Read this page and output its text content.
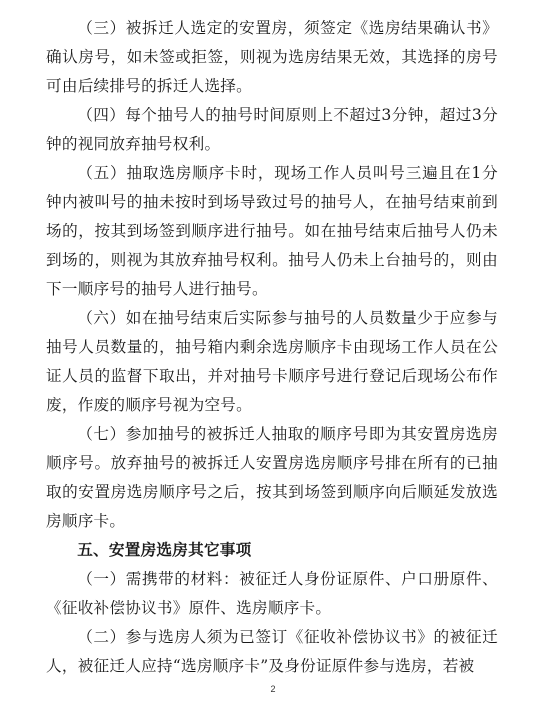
（三）被拆迁人选定的安置房，须签定《选房结果确认书》确认房号，如未签或拒签，则视为选房结果无效，其选择的房号可由后续排号的拆迁人选择。

（四）每个抽号人的抽号时间原则上不超过3分钟，超过3分钟的视同放弃抽号权利。

（五）抽取选房顺序卡时，现场工作人员叫号三遍且在1分钟内被叫号的抽未按时到场导致过号的抽号人，在抽号结束前到场的，按其到场签到顺序进行抽号。如在抽号结束后抽号人仍未到场的，则视为其放弃抽号权利。抽号人仍未上台抽号的，则由下一顺序号的抽号人进行抽号。

（六）如在抽号结束后实际参与抽号的人员数量少于应参与抽号人员数量的，抽号箱内剩余选房顺序卡由现场工作人员在公证人员的监督下取出，并对抽号卡顺序号进行登记后现场公布作废，作废的顺序号视为空号。

（七）参加抽号的被拆迁人抽取的顺序号即为其安置房选房顺序号。放弃抽号的被拆迁人安置房选房顺序号排在所有的已抽取的安置房选房顺序号之后，按其到场签到顺序向后顺延发放选房顺序卡。

五、安置房选房其它事项

（一）需携带的材料：被征迁人身份证原件、户口册原件、《征收补偿协议书》原件、选房顺序卡。

（二）参与选房人须为已签订《征收补偿协议书》的被征迁人，被征迁人应持“选房顺序卡”及身份证原件参与选房，若被

2
